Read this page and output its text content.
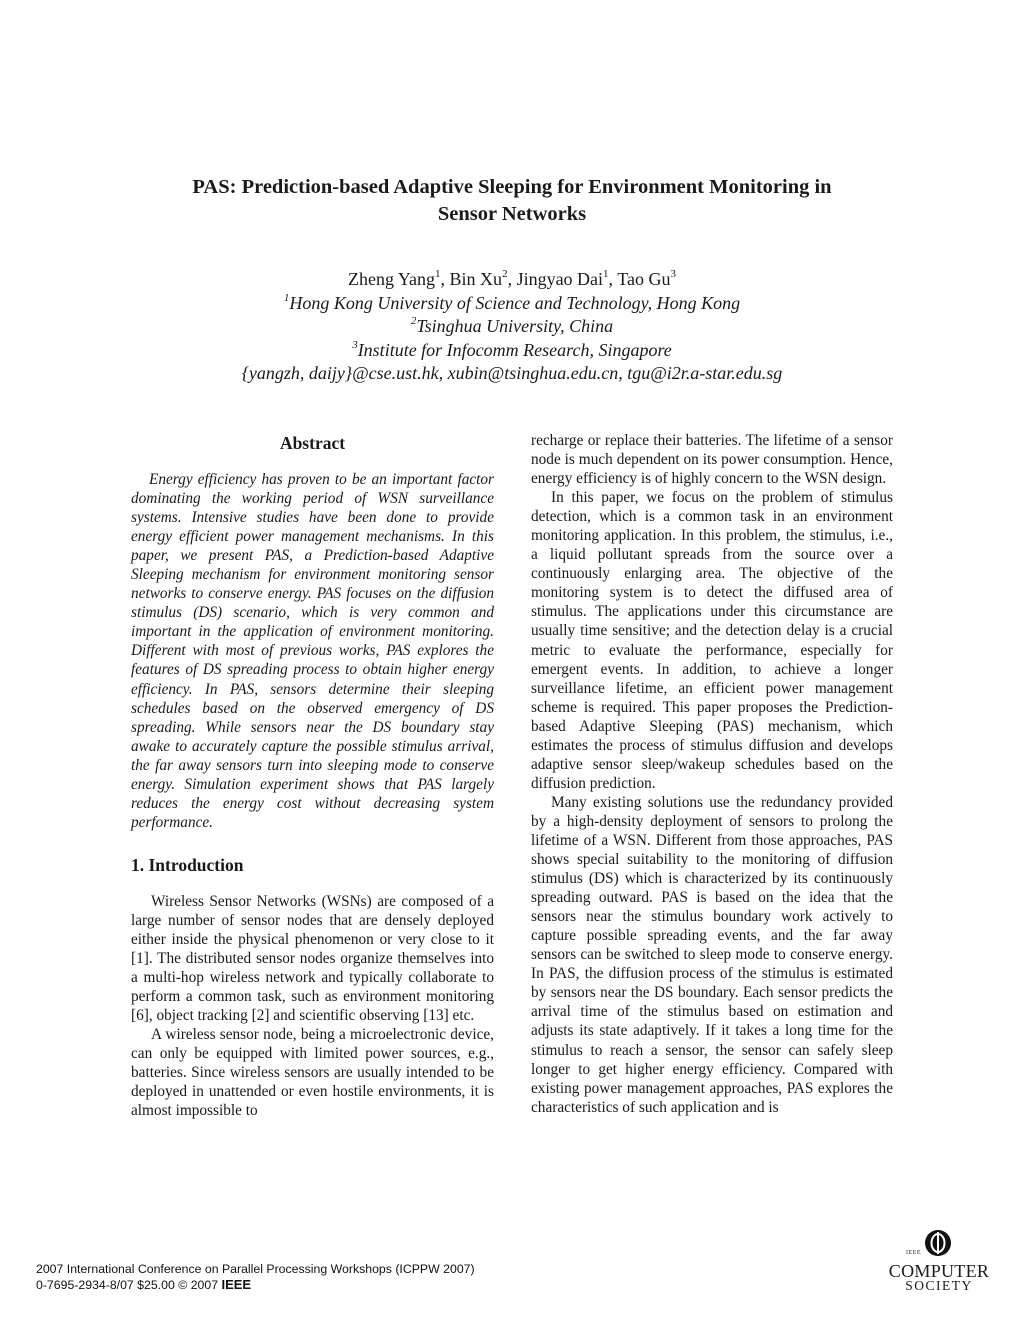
PAS: Prediction-based Adaptive Sleeping for Environment Monitoring in
Sensor Networks
Zheng Yang$^1$, Bin Xu$^2$, Jingyao Dai$^1$, Tao Gu$^3$
$^1$Hong Kong University of Science and Technology, Hong Kong
$^2$Tsinghua University, China
$^3$Institute for Infocomm Research, Singapore
{yangzh, daijy}@cse.ust.hk, xubin@tsinghua.edu.cn, tgu@i2r.a-star.edu.sg
Abstract

Energy efficiency has proven to be an important factor dominating the working period of WSN surveillance systems. Intensive studies have been done to provide energy efficient power management mechanisms. In this paper, we present PAS, a Prediction-based Adaptive Sleeping mechanism for environment monitoring sensor networks to conserve energy. PAS focuses on the diffusion stimulus (DS) scenario, which is very common and important in the application of environment monitoring. Different with most of previous works, PAS explores the features of DS spreading process to obtain higher energy efficiency. In PAS, sensors determine their sleeping schedules based on the observed emergency of DS spreading. While sensors near the DS boundary stay awake to accurately capture the possible stimulus arrival, the far away sensors turn into sleeping mode to conserve energy. Simulation experiment shows that PAS largely reduces the energy cost without decreasing system performance.

1. Introduction

Wireless Sensor Networks (WSNs) are composed of a large number of sensor nodes that are densely deployed either inside the physical phenomenon or very close to it [1]. The distributed sensor nodes organize themselves into a multi-hop wireless network and typically collaborate to perform a common task, such as environment monitoring [6], object tracking [2] and scientific observing [13] etc.

A wireless sensor node, being a microelectronic device, can only be equipped with limited power sources, e.g., batteries. Since wireless sensors are usually intended to be deployed in unattended or even hostile environments, it is almost impossible to

recharge or replace their batteries. The lifetime of a sensor node is much dependent on its power consumption. Hence, energy efficiency is of highly concern to the WSN design.

In this paper, we focus on the problem of stimulus detection, which is a common task in an environment monitoring application. In this problem, the stimulus, i.e., a liquid pollutant spreads from the source over a continuously enlarging area. The objective of the monitoring system is to detect the diffused area of stimulus. The applications under this circumstance are usually time sensitive; and the detection delay is a crucial metric to evaluate the performance, especially for emergent events. In addition, to achieve a longer surveillance lifetime, an efficient power management scheme is required. This paper proposes the Prediction-based Adaptive Sleeping (PAS) mechanism, which estimates the process of stimulus diffusion and develops adaptive sensor sleep/wakeup schedules based on the diffusion prediction.

Many existing solutions use the redundancy provided by a high-density deployment of sensors to prolong the lifetime of a WSN. Different from those approaches, PAS shows special suitability to the monitoring of diffusion stimulus (DS) which is characterized by its continuously spreading outward. PAS is based on the idea that the sensors near the stimulus boundary work actively to capture possible spreading events, and the far away sensors can be switched to sleep mode to conserve energy. In PAS, the diffusion process of the stimulus is estimated by sensors near the DS boundary. Each sensor predicts the arrival time of the stimulus based on estimation and adjusts its state adaptively. If it takes a long time for the stimulus to reach a sensor, the sensor can safely sleep longer to get higher energy efficiency. Compared with existing power management approaches, PAS explores the characteristics of such application and is

2007 International Conference on Parallel Processing Workshops (ICPPW 2007)
0-7695-2934-8/07 $25.00 © 2007 IEEE
IEEE
COMPUTER
SOCIETY
